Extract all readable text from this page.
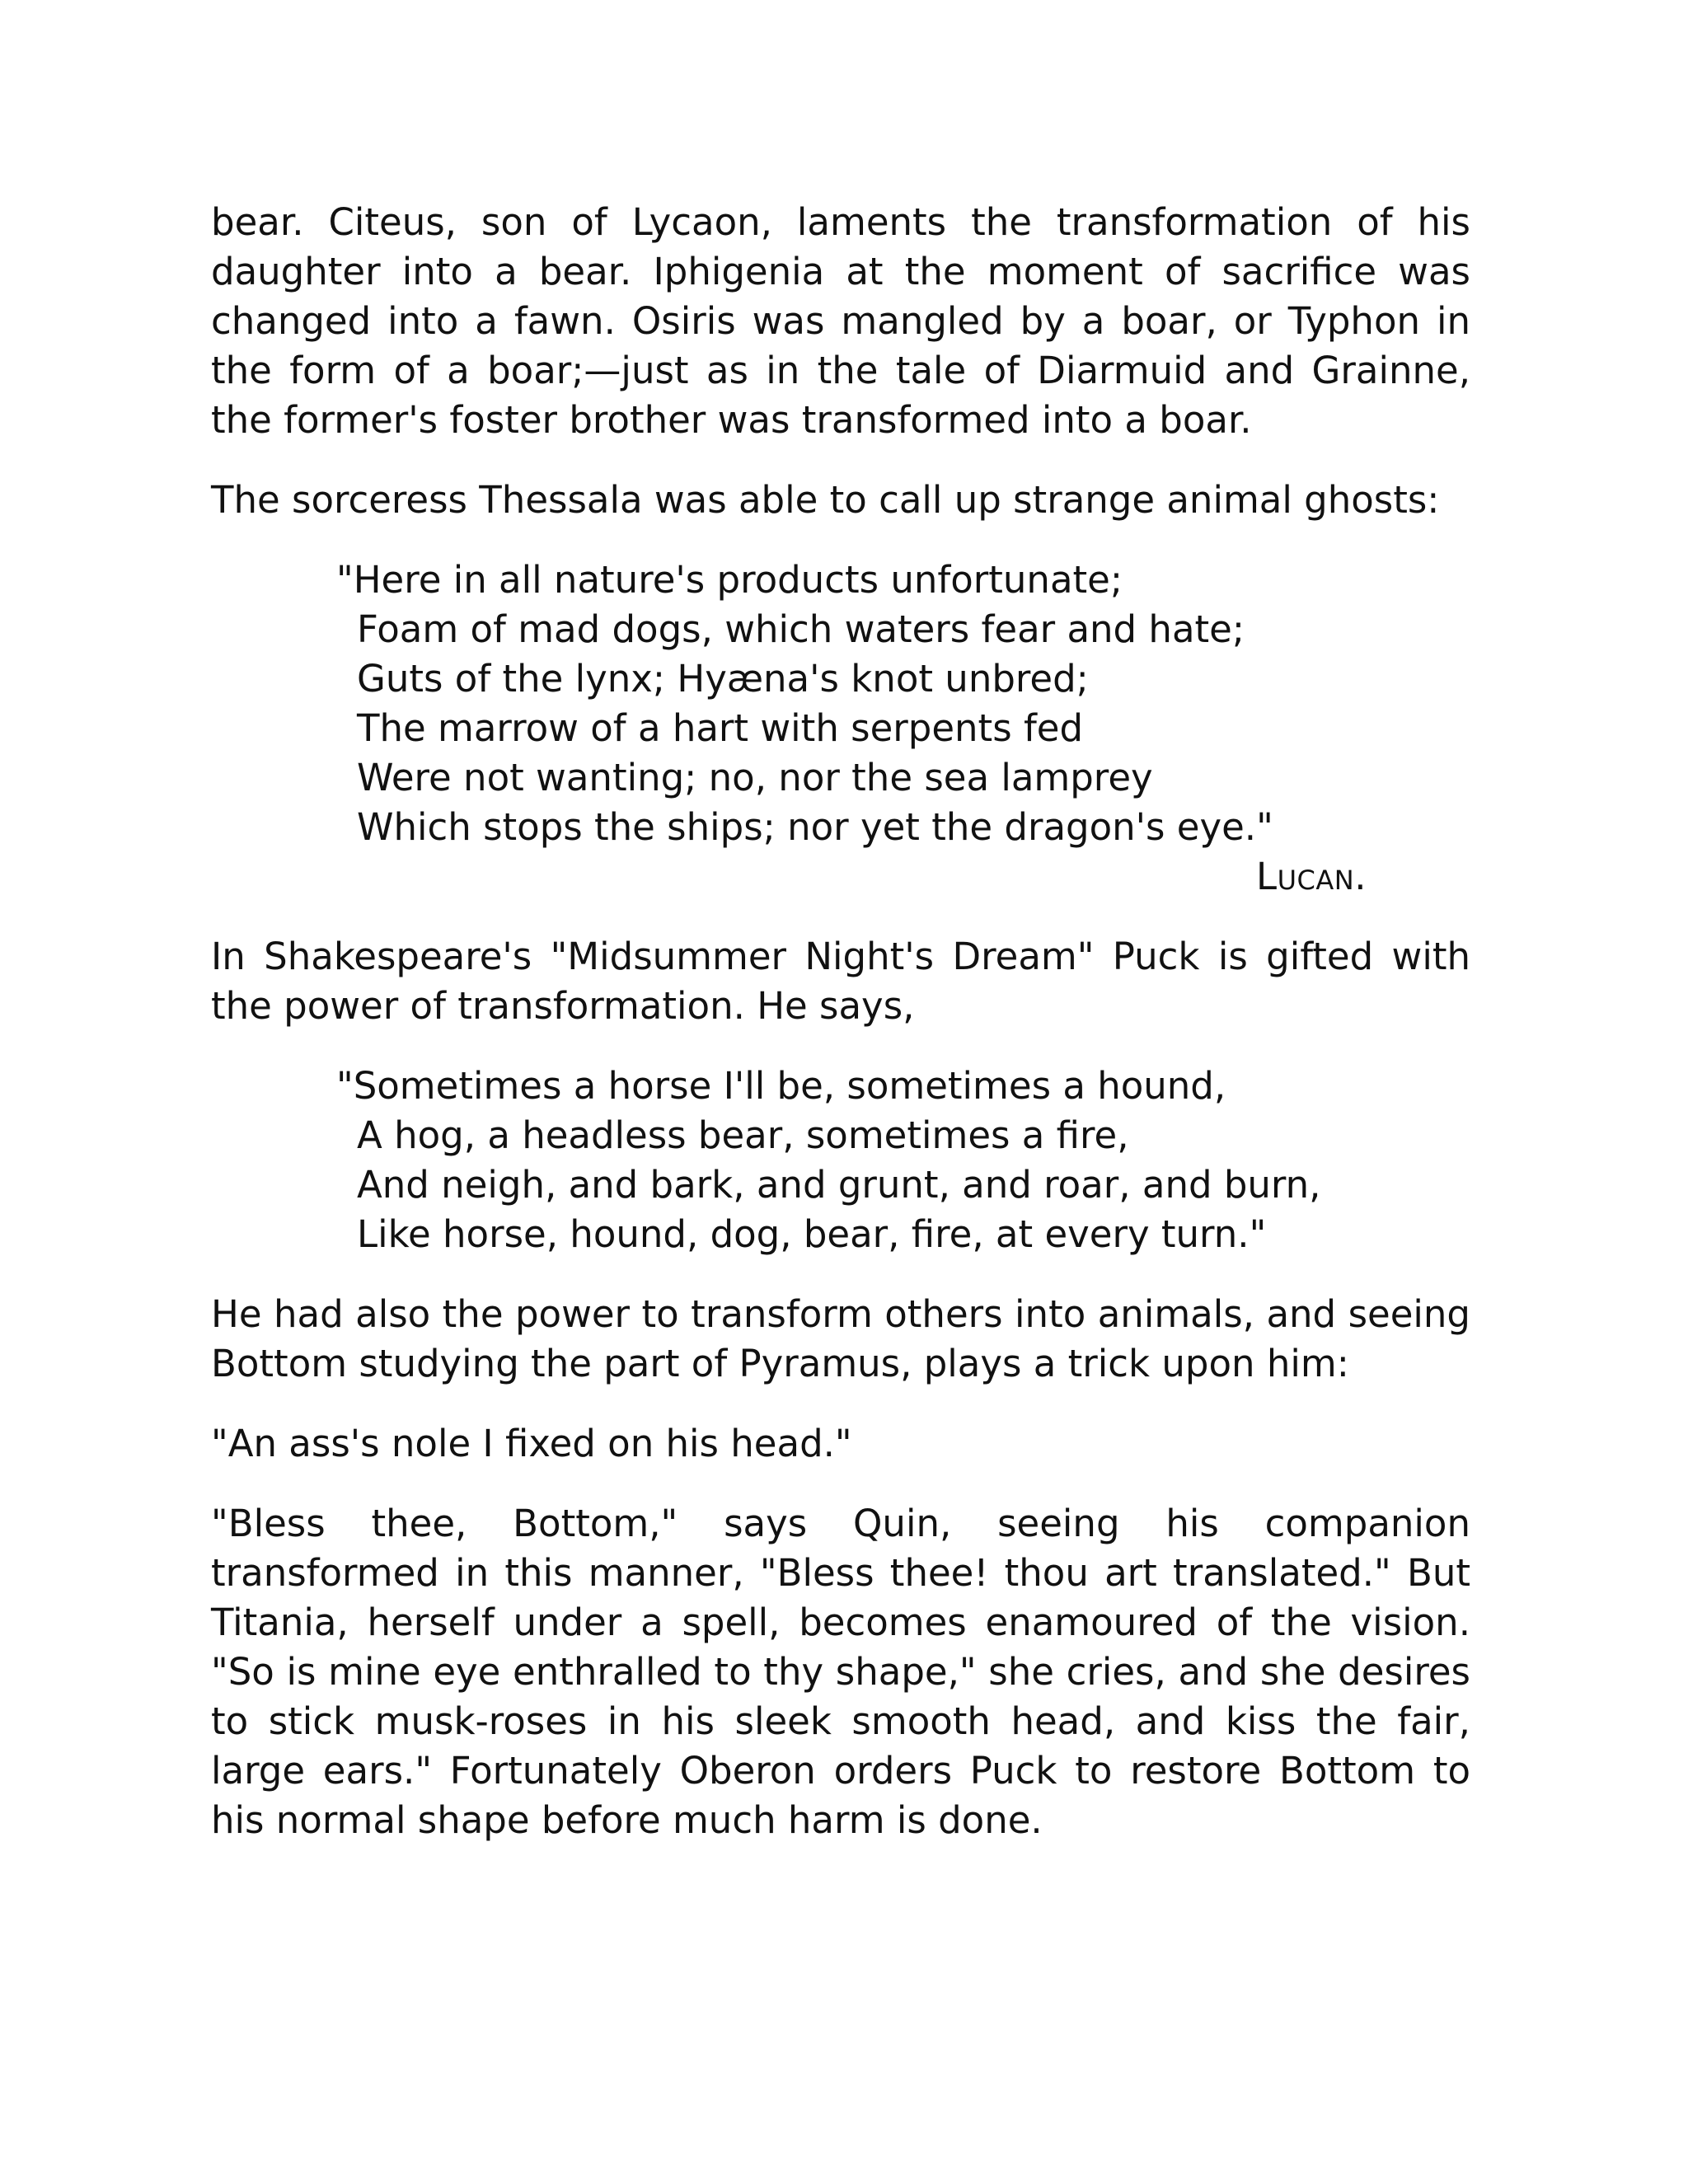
bear. Citeus, son of Lycaon, laments the transformation of his daughter into a bear. Iphigenia at the moment of sacrifice was changed into a fawn. Osiris was mangled by a boar, or Typhon in the form of a boar;—just as in the tale of Diarmuid and Grainne, the former's foster brother was transformed into a boar.

The sorceress Thessala was able to call up strange animal ghosts:

"Here in all nature's products unfortunate;
Foam of mad dogs, which waters fear and hate;
Guts of the lynx; Hyæna's knot unbred;
The marrow of a hart with serpents fed
Were not wanting; no, nor the sea lamprey
Which stops the ships; nor yet the dragon's eye."
Lucan.

In Shakespeare's "Midsummer Night's Dream" Puck is gifted with the power of transformation. He says,

"Sometimes a horse I'll be, sometimes a hound,
A hog, a headless bear, sometimes a fire,
And neigh, and bark, and grunt, and roar, and burn,
Like horse, hound, dog, bear, fire, at every turn."

He had also the power to transform others into animals, and seeing Bottom studying the part of Pyramus, plays a trick upon him:

"An ass's nole I fixed on his head."

"Bless thee, Bottom," says Quin, seeing his companion transformed in this manner, "Bless thee! thou art translated." But Titania, herself under a spell, becomes enamoured of the vision. "So is mine eye enthralled to thy shape," she cries, and she desires to stick musk-roses in his sleek smooth head, and kiss the fair, large ears." Fortunately Oberon orders Puck to restore Bottom to his normal shape before much harm is done.
